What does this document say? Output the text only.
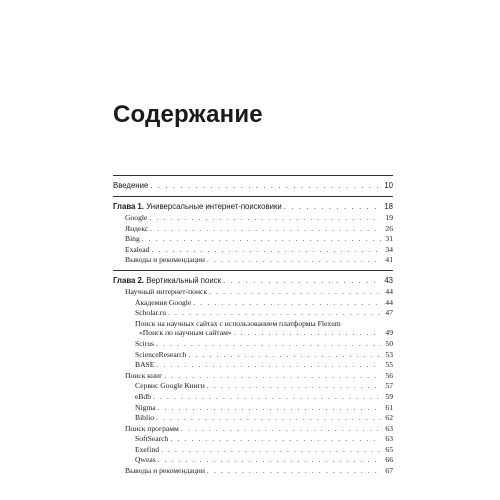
Содержание
Введение . . .	10
Глава 1. Универсальные интернет-поисковики . . .	18
Google . . .	19
Яндекс . . .	26
Bing . . .	31
Exalead . . .	34
Выводы и рекомендации . . .	41
Глава 2. Вертикальный поиск . . .	43
Научный интернет-поиск . . .	44
Академия Google . . .	44
Scholar.ru . . .	47
Поиск на научных сайтах с использованием платформы Flexum
«Поиск по научным сайтам» . . .	49
Scirus . . .	50
ScienceResearch . . .	53
BASE . . .	55
Поиск книг . . .	56
Сервис Google Книги . . .	57
eBdb . . .	59
Nigma . . .	61
Biblio . . .	62
Поиск программ . . .	63
SoftSearch . . .	63
Exefind . . .	65
Qweas . . .	66
Выводы и рекомендации . . .	67
